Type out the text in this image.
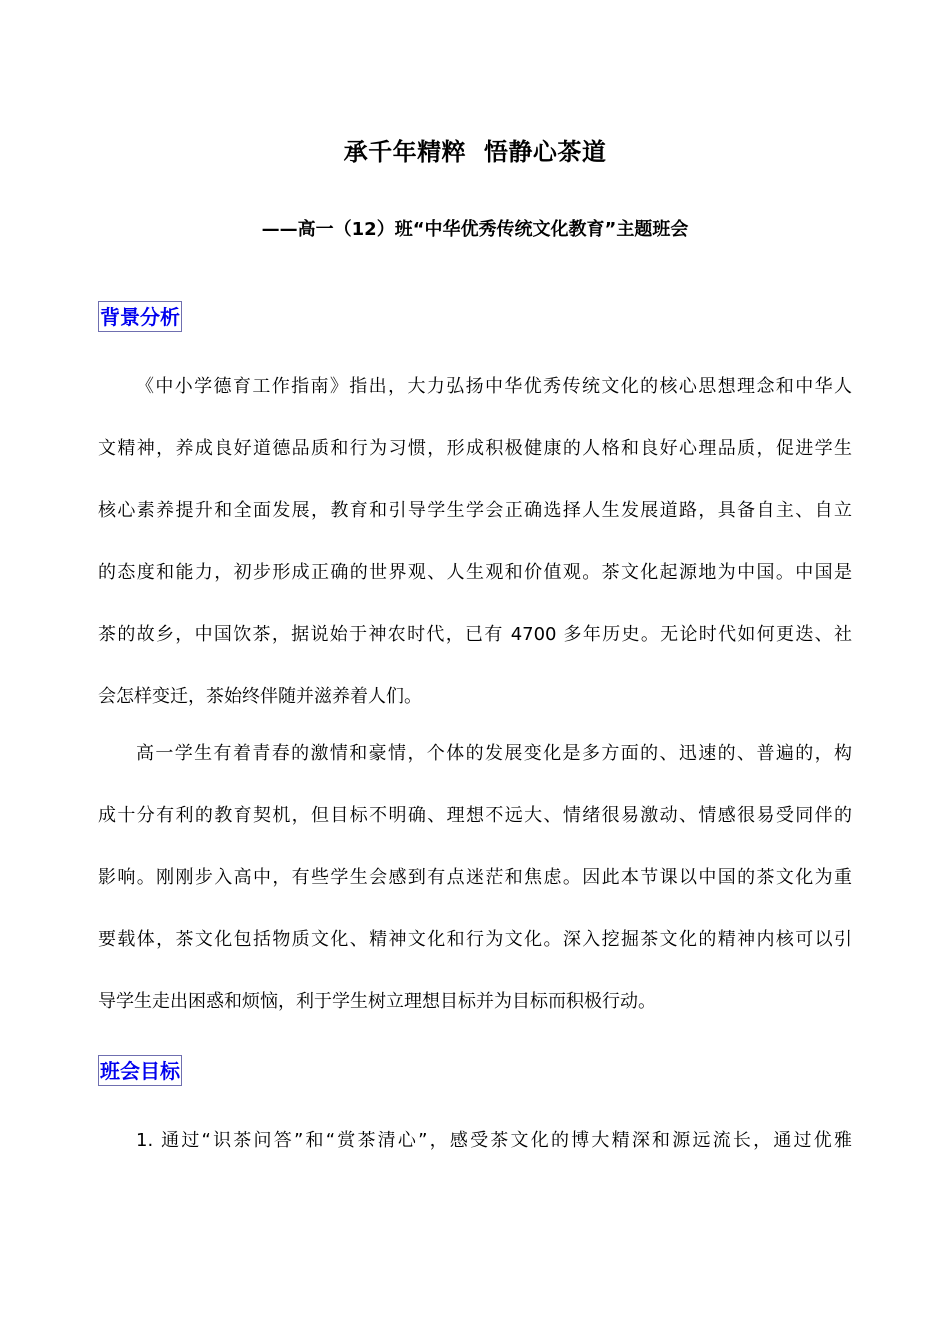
承千年精粹  悟静心茶道
——高一（12）班“中华优秀传统文化教育”主题班会
背景分析
《中小学德育工作指南》指出，大力弘扬中华优秀传统文化的核心思想理念和中华人
文精神，养成良好道德品质和行为习惯，形成积极健康的人格和良好心理品质，促进学生
核心素养提升和全面发展，教育和引导学生学会正确选择人生发展道路，具备自主、自立
的态度和能力，初步形成正确的世界观、人生观和价值观。茶文化起源地为中国。中国是
茶的故乡，中国饮茶，据说始于神农时代，已有 4700 多年历史。无论时代如何更迭、社
会怎样变迁，茶始终伴随并滋养着人们。
高一学生有着青春的激情和豪情，个体的发展变化是多方面的、迅速的、普遍的，构
成十分有利的教育契机，但目标不明确、理想不远大、情绪很易激动、情感很易受同伴的
影响。刚刚步入高中，有些学生会感到有点迷茫和焦虑。因此本节课以中国的茶文化为重
要载体，茶文化包括物质文化、精神文化和行为文化。深入挖掘茶文化的精神内核可以引
导学生走出困惑和烦恼，利于学生树立理想目标并为目标而积极行动。
班会目标
1. 通过“识茶问答”和“赏茶清心”，感受茶文化的博大精深和源远流长，通过优雅
